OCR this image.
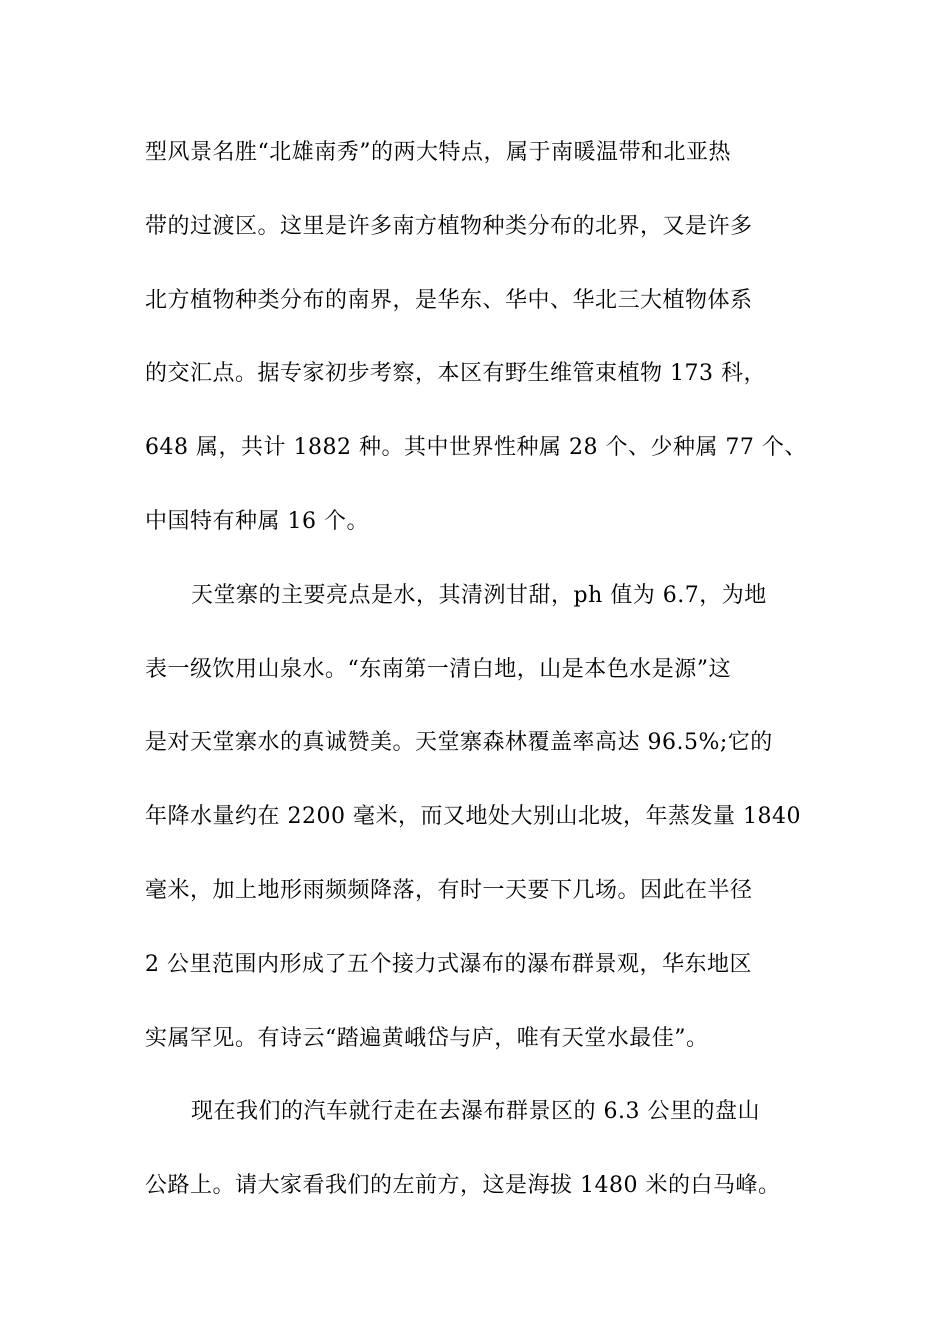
型风景名胜“北雄南秀”的两大特点，属于南暖温带和北亚热
带的过渡区。这里是许多南方植物种类分布的北界，又是许多
北方植物种类分布的南界，是华东、华中、华北三大植物体系
的交汇点。据专家初步考察，本区有野生维管束植物 173 科，
648 属，共计 1882 种。其中世界性种属 28 个、少种属 77 个、
中国特有种属 16 个。
天堂寨的主要亮点是水，其清洌甘甜，ph 值为 6.7，为地
表一级饮用山泉水。“东南第一清白地，山是本色水是源”这
是对天堂寨水的真诚赞美。天堂寨森林覆盖率高达 96.5%;它的
年降水量约在 2200 毫米，而又地处大别山北坡，年蒸发量 1840
毫米，加上地形雨频频降落，有时一天要下几场。因此在半径
2 公里范围内形成了五个接力式瀑布的瀑布群景观，华东地区
实属罕见。有诗云“踏遍黄峨岱与庐，唯有天堂水最佳”。
现在我们的汽车就行走在去瀑布群景区的 6.3 公里的盘山
公路上。请大家看我们的左前方，这是海拔 1480 米的白马峰。
